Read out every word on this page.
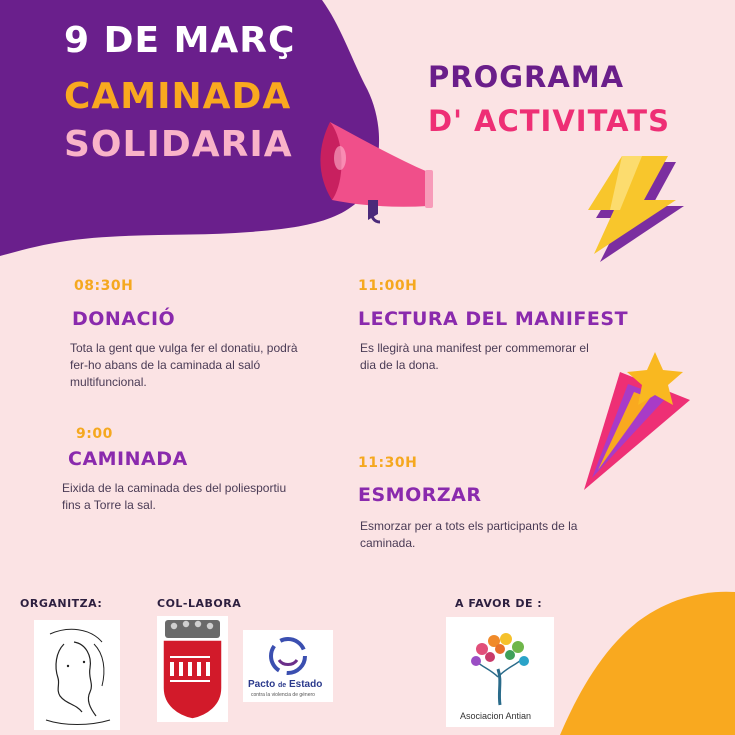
9 DE MARÇ
CAMINADA
SOLIDARIA
PROGRAMA
D' ACTIVITATS
08:30H
DONACIÓ
Tota la gent que vulga fer el donatiu, podrà
fer-ho abans de la caminada al saló
multifuncional.
9:00
CAMINADA
Eixida de la caminada des del poliesportiu
fins a Torre la sal.
11:00H
LECTURA DEL MANIFEST
Es llegirà una manifest per commemorar el
dia de la dona.
11:30H
ESMORZAR
Esmorzar per a tots els participants de la
caminada.
ORGANITZA:	COL-LABORA	A FAVOR DE :
Pacto de Estado
contra la violencia de género
Asociacion Antian
